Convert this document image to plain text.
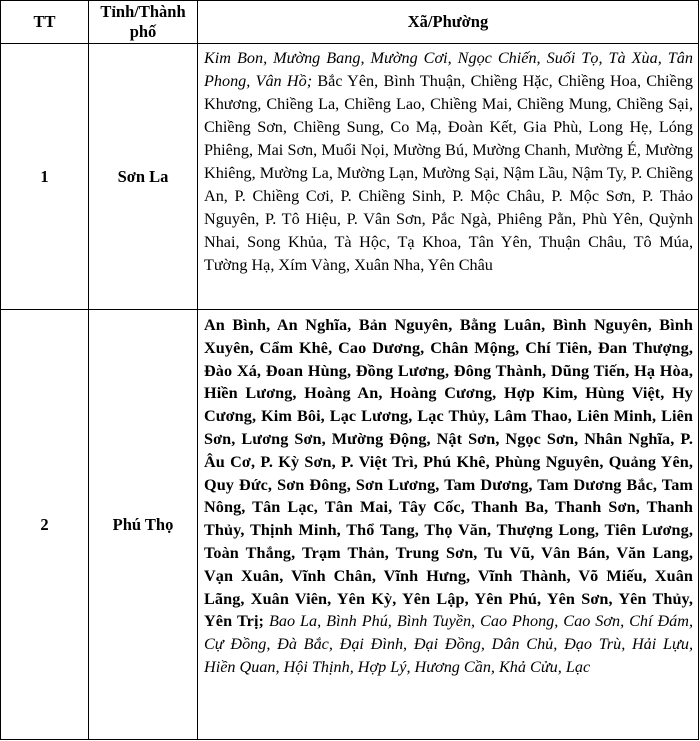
TT	Tỉnh/Thành phố	Xã/Phường
1	Sơn La	Kim Bon, Mường Bang, Mường Cơi, Ngọc Chiến, Suối Tọ, Tà Xùa, Tân Phong, Vân Hồ; Bắc Yên, Bình Thuận, Chiềng Hặc, Chiềng Hoa, Chiềng Khương, Chiềng La, Chiềng Lao, Chiềng Mai, Chiềng Mung, Chiềng Sại, Chiềng Sơn, Chiềng Sung, Co Mạ, Đoàn Kết, Gia Phù, Long Hẹ, Lóng Phiêng, Mai Sơn, Muổi Nọi, Mường Bú, Mường Chanh, Mường É, Mường Khiêng, Mường La, Mường Lạn, Mường Sại, Nậm Lầu, Nậm Ty, P. Chiềng An, P. Chiềng Cơi, P. Chiềng Sinh, P. Mộc Châu, P. Mộc Sơn, P. Thảo Nguyên, P. Tô Hiệu, P. Vân Sơn, Pắc Ngà, Phiêng Pằn, Phù Yên, Quỳnh Nhai, Song Khủa, Tà Hộc, Tạ Khoa, Tân Yên, Thuận Châu, Tô Múa, Tường Hạ, Xím Vàng, Xuân Nha, Yên Châu
2	Phú Thọ	An Bình, An Nghĩa, Bản Nguyên, Bằng Luân, Bình Nguyên, Bình Xuyên, Cẩm Khê, Cao Dương, Chân Mộng, Chí Tiên, Đan Thượng, Đào Xá, Đoan Hùng, Đồng Lương, Đông Thành, Dũng Tiến, Hạ Hòa, Hiền Lương, Hoàng An, Hoàng Cương, Hợp Kim, Hùng Việt, Hy Cương, Kim Bôi, Lạc Lương, Lạc Thủy, Lâm Thao, Liên Minh, Liên Sơn, Lương Sơn, Mường Động, Nật Sơn, Ngọc Sơn, Nhân Nghĩa, P. Âu Cơ, P. Kỳ Sơn, P. Việt Trì, Phú Khê, Phùng Nguyên, Quảng Yên, Quy Đức, Sơn Đông, Sơn Lương, Tam Dương, Tam Dương Bắc, Tam Nông, Tân Lạc, Tân Mai, Tây Cốc, Thanh Ba, Thanh Sơn, Thanh Thủy, Thịnh Minh, Thổ Tang, Thọ Văn, Thượng Long, Tiên Lương, Toàn Thắng, Trạm Thản, Trung Sơn, Tu Vũ, Vân Bán, Văn Lang, Vạn Xuân, Vĩnh Chân, Vĩnh Hưng, Vĩnh Thành, Võ Miếu, Xuân Lãng, Xuân Viên, Yên Kỳ, Yên Lập, Yên Phú, Yên Sơn, Yên Thủy, Yên Trị; Bao La, Bình Phú, Bình Tuyền, Cao Phong, Cao Sơn, Chí Đám, Cự Đồng, Đà Bắc, Đại Đình, Đại Đồng, Dân Chủ, Đạo Trù, Hải Lựu, Hiền Quan, Hội Thịnh, Hợp Lý, Hương Cần, Khả Cửu, Lạc
